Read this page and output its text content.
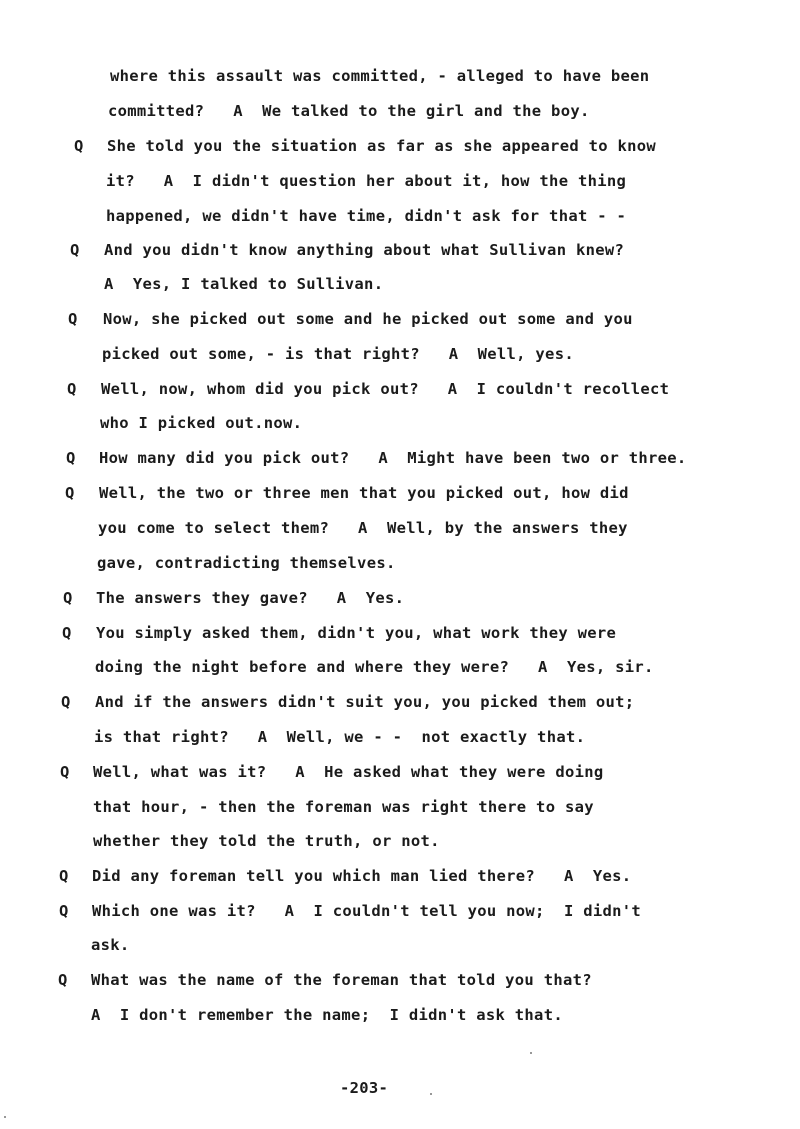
Q
Q
Q
Q
Q
Q
Q
Q
Q
Q
Q
Q
Q
where this assault was committed, - alleged to have been
committed?   A  We talked to the girl and the boy.
She told you the situation as far as she appeared to know
it?   A  I didn't question her about it, how the thing
happened, we didn't have time, didn't ask for that - -
And you didn't know anything about what Sullivan knew?
A  Yes, I talked to Sullivan.
Now, she picked out some and he picked out some and you
picked out some, - is that right?   A  Well, yes.
Well, now, whom did you pick out?   A  I couldn't recollect
who I picked out.now.
How many did you pick out?   A  Might have been two or three.
Well, the two or three men that you picked out, how did
you come to select them?   A  Well, by the answers they
gave, contradicting themselves.
The answers they gave?   A  Yes.
You simply asked them, didn't you, what work they were
doing the night before and where they were?   A  Yes, sir.
And if the answers didn't suit you, you picked them out;
is that right?   A  Well, we - -  not exactly that.
Well, what was it?   A  He asked what they were doing
that hour, - then the foreman was right there to say
whether they told the truth, or not.
Did any foreman tell you which man lied there?   A  Yes.
Which one was it?   A  I couldn't tell you now;  I didn't
ask.
What was the name of the foreman that told you that?
A  I don't remember the name;  I didn't ask that.
-203-
